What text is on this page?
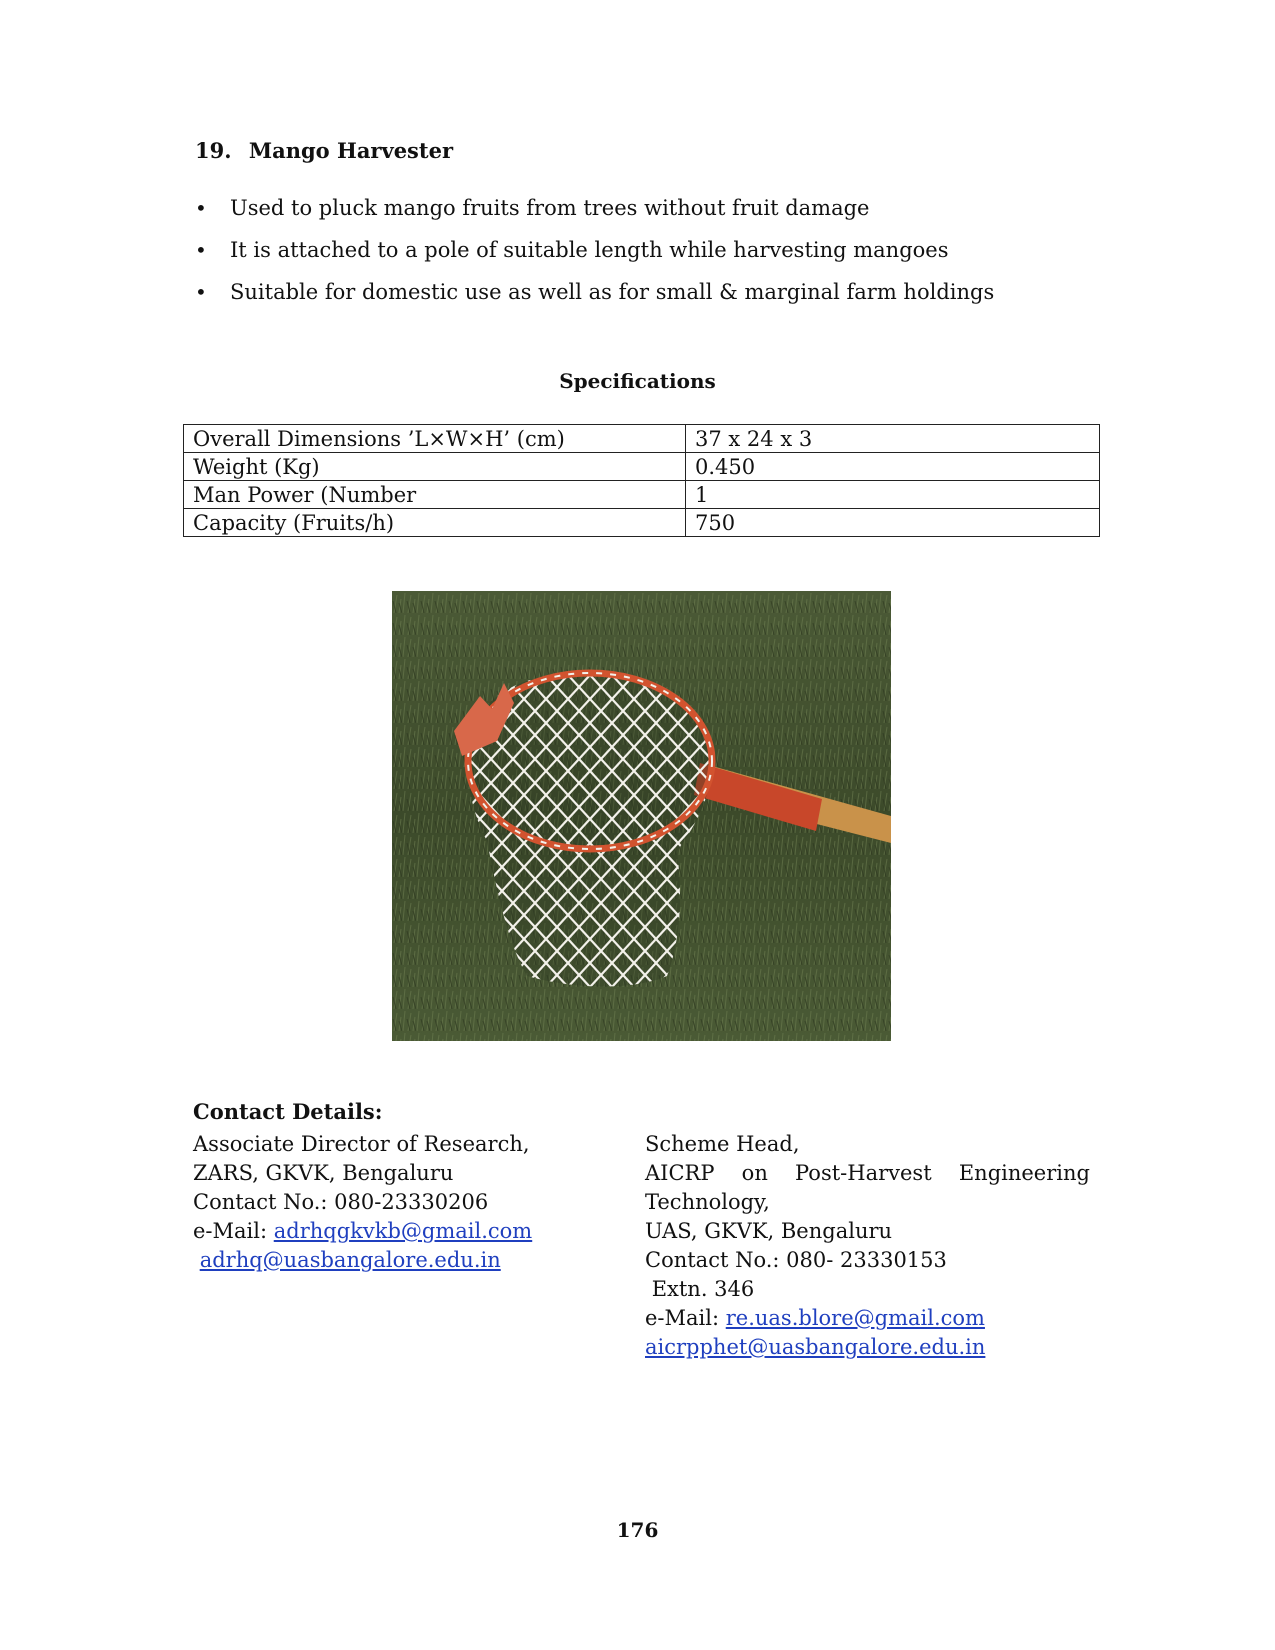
19. Mango Harvester
• Used to pluck mango fruits from trees without fruit damage
• It is attached to a pole of suitable length while harvesting mangoes
• Suitable for domestic use as well as for small & marginal farm holdings
Specifications
Overall Dimensions ’L×W×H’ (cm)	37 x 24 x 3
Weight (Kg)	0.450
Man Power (Number	1
Capacity (Fruits/h)	750
Contact Details:
Associate Director of Research,
ZARS, GKVK, Bengaluru
Contact No.: 080-23330206
e-Mail: adrhqgkvkb@gmail.com
adrhq@uasbangalore.edu.in
Scheme Head,
AICRP on Post-Harvest Engineering
Technology,
UAS, GKVK, Bengaluru
Contact No.: 080- 23330153
Extn. 346
e-Mail: re.uas.blore@gmail.com
aicrpphet@uasbangalore.edu.in
176
